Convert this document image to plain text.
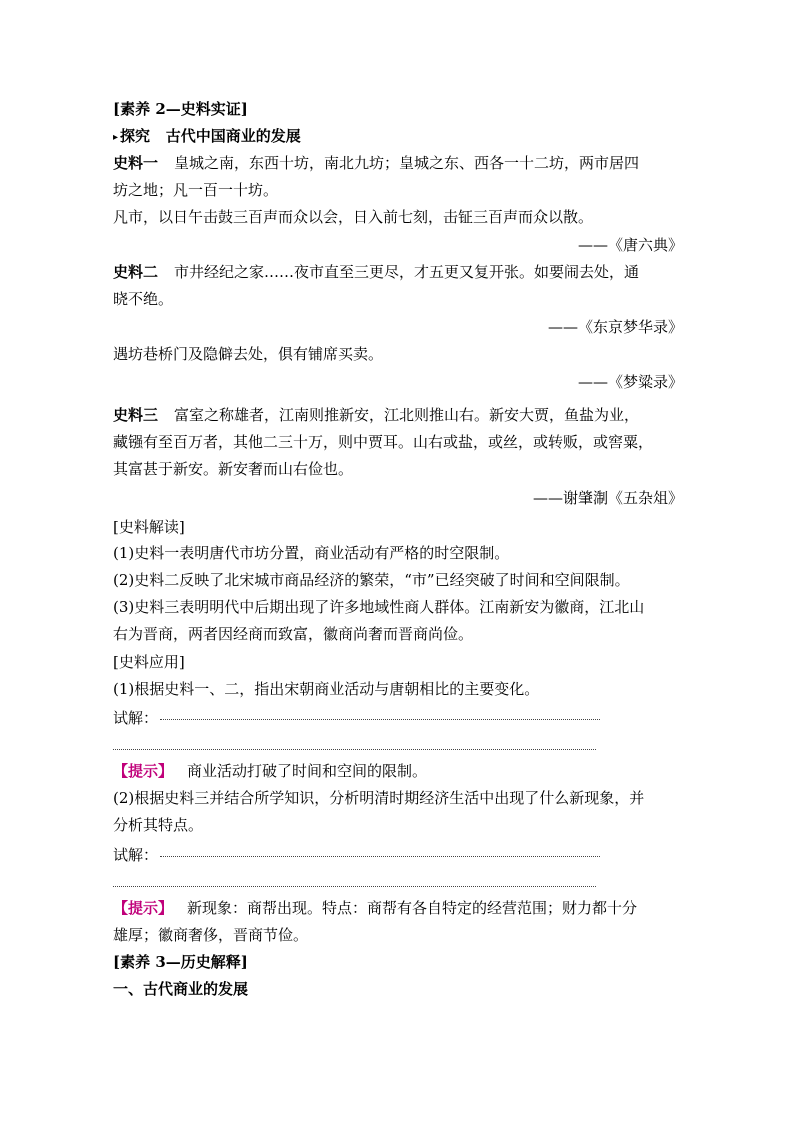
[素养 2—史料实证]
▸ 探究 古代中国商业的发展
史料一 皇城之南，东西十坊，南北九坊；皇城之东、西各一十二坊，两市居四
坊之地；凡一百一十坊。
凡市，以日午击鼓三百声而众以会，日入前七刻，击钲三百声而众以散。
——《唐六典》
史料二 市井经纪之家……夜市直至三更尽，才五更又复开张。如要闹去处，通
晓不绝。
——《东京梦华录》
遇坊巷桥门及隐僻去处，俱有铺席买卖。
——《梦粱录》
史料三 富室之称雄者，江南则推新安，江北则推山右。新安大贾，鱼盐为业，
藏镪有至百万者，其他二三十万，则中贾耳。山右或盐，或丝，或转贩，或窖粟，
其富甚于新安。新安奢而山右俭也。
——谢肇淛《五杂俎》
[史料解读]
(1)史料一表明唐代市坊分置，商业活动有严格的时空限制。
(2)史料二反映了北宋城市商品经济的繁荣，“市”已经突破了时间和空间限制。
(3)史料三表明明代中后期出现了许多地域性商人群体。江南新安为徽商，江北山
右为晋商，两者因经商而致富，徽商尚奢而晋商尚俭。
[史料应用]
(1)根据史料一、二，指出宋朝商业活动与唐朝相比的主要变化。
试解：
【提示】 商业活动打破了时间和空间的限制。
(2)根据史料三并结合所学知识，分析明清时期经济生活中出现了什么新现象，并
分析其特点。
试解：
【提示】 新现象：商帮出现。特点：商帮有各自特定的经营范围；财力都十分
雄厚；徽商奢侈，晋商节俭。
[素养 3—历史解释]
一、古代商业的发展
